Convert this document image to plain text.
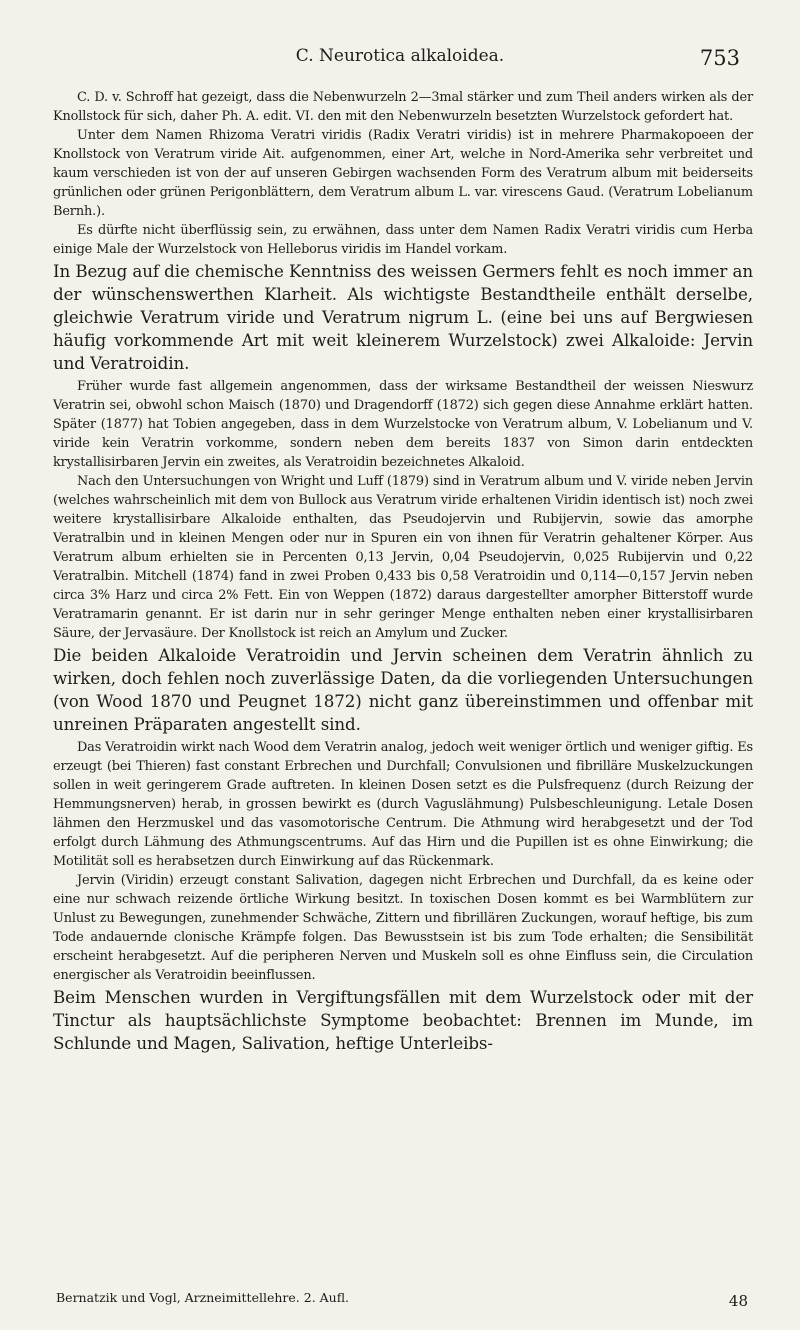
C. Neurotica alkaloidea.	753

C. D. v. Schroff hat gezeigt, dass die Nebenwurzeln 2—3mal stärker und zum Theil anders wirken als der Knollstock für sich, daher Ph. A. edit. VI. den mit den Nebenwurzeln besetzten Wurzelstock gefordert hat.

Unter dem Namen Rhizoma Veratri viridis (Radix Veratri viridis) ist in mehrere Pharmakopoeen der Knollstock von Veratrum viride Ait. aufgenommen, einer Art, welche in Nord-Amerika sehr verbreitet und kaum verschieden ist von der auf unseren Gebirgen wachsenden Form des Veratrum album mit beiderseits grünlichen oder grünen Perigonblättern, dem Veratrum album L. var. virescens Gaud. (Veratrum Lobelianum Bernh.).

Es dürfte nicht überflüssig sein, zu erwähnen, dass unter dem Namen Radix Veratri viridis cum Herba einige Male der Wurzelstock von Helleborus viridis im Handel vorkam.

In Bezug auf die chemische Kenntniss des weissen Germers fehlt es noch immer an der wünschenswerthen Klarheit. Als wichtigste Bestandtheile enthält derselbe, gleichwie Veratrum viride und Veratrum nigrum L. (eine bei uns auf Bergwiesen häufig vorkommende Art mit weit kleinerem Wurzelstock) zwei Alkaloide: Jervin und Veratroidin.

Früher wurde fast allgemein angenommen, dass der wirksame Bestandtheil der weissen Nieswurz Veratrin sei, obwohl schon Maisch (1870) und Dragendorff (1872) sich gegen diese Annahme erklärt hatten. Später (1877) hat Tobien angegeben, dass in dem Wurzelstocke von Veratrum album, V. Lobelianum und V. viride kein Veratrin vorkomme, sondern neben dem bereits 1837 von Simon darin entdeckten krystallisirbaren Jervin ein zweites, als Veratroidin bezeichnetes Alkaloid.

Nach den Untersuchungen von Wright und Luff (1879) sind in Veratrum album und V. viride neben Jervin (welches wahrscheinlich mit dem von Bullock aus Veratrum viride erhaltenen Viridin identisch ist) noch zwei weitere krystallisirbare Alkaloide enthalten, das Pseudojervin und Rubijervin, sowie das amorphe Veratralbin und in kleinen Mengen oder nur in Spuren ein von ihnen für Veratrin gehaltener Körper. Aus Veratrum album erhielten sie in Percenten 0,13 Jervin, 0,04 Pseudojervin, 0,025 Rubijervin und 0,22 Veratralbin. Mitchell (1874) fand in zwei Proben 0,433 bis 0,58 Veratroidin und 0,114—0,157 Jervin neben circa 3% Harz und circa 2% Fett. Ein von Weppen (1872) daraus dargestellter amorpher Bitterstoff wurde Veratramarin genannt. Er ist darin nur in sehr geringer Menge enthalten neben einer krystallisirbaren Säure, der Jervasäure. Der Knollstock ist reich an Amylum und Zucker.

Die beiden Alkaloide Veratroidin und Jervin scheinen dem Veratrin ähnlich zu wirken, doch fehlen noch zuverlässige Daten, da die vorliegenden Untersuchungen (von Wood 1870 und Peugnet 1872) nicht ganz übereinstimmen und offenbar mit unreinen Präparaten angestellt sind.

Das Veratroidin wirkt nach Wood dem Veratrin analog, jedoch weit weniger örtlich und weniger giftig. Es erzeugt (bei Thieren) fast constant Erbrechen und Durchfall; Convulsionen und fibrilläre Muskelzuckungen sollen in weit geringerem Grade auftreten. In kleinen Dosen setzt es die Pulsfrequenz (durch Reizung der Hemmungsnerven) herab, in grossen bewirkt es (durch Vaguslähmung) Pulsbeschleunigung. Letale Dosen lähmen den Herzmuskel und das vasomotorische Centrum. Die Athmung wird herabgesetzt und der Tod erfolgt durch Lähmung des Athmungscentrums. Auf das Hirn und die Pupillen ist es ohne Einwirkung; die Motilität soll es herabsetzen durch Einwirkung auf das Rückenmark.

Jervin (Viridin) erzeugt constant Salivation, dagegen nicht Erbrechen und Durchfall, da es keine oder eine nur schwach reizende örtliche Wirkung besitzt. In toxischen Dosen kommt es bei Warmblütern zur Unlust zu Bewegungen, zunehmender Schwäche, Zittern und fibrillären Zuckungen, worauf heftige, bis zum Tode andauernde clonische Krämpfe folgen. Das Bewusstsein ist bis zum Tode erhalten; die Sensibilität erscheint herabgesetzt. Auf die peripheren Nerven und Muskeln soll es ohne Einfluss sein, die Circulation energischer als Veratroidin beeinflussen.

Beim Menschen wurden in Vergiftungsfällen mit dem Wurzelstock oder mit der Tinctur als hauptsächlichste Symptome beobachtet: Brennen im Munde, im Schlunde und Magen, Salivation, heftige Unterleibs-

Bernatzik und Vogl, Arzneimittellehre. 2. Aufl.	48
